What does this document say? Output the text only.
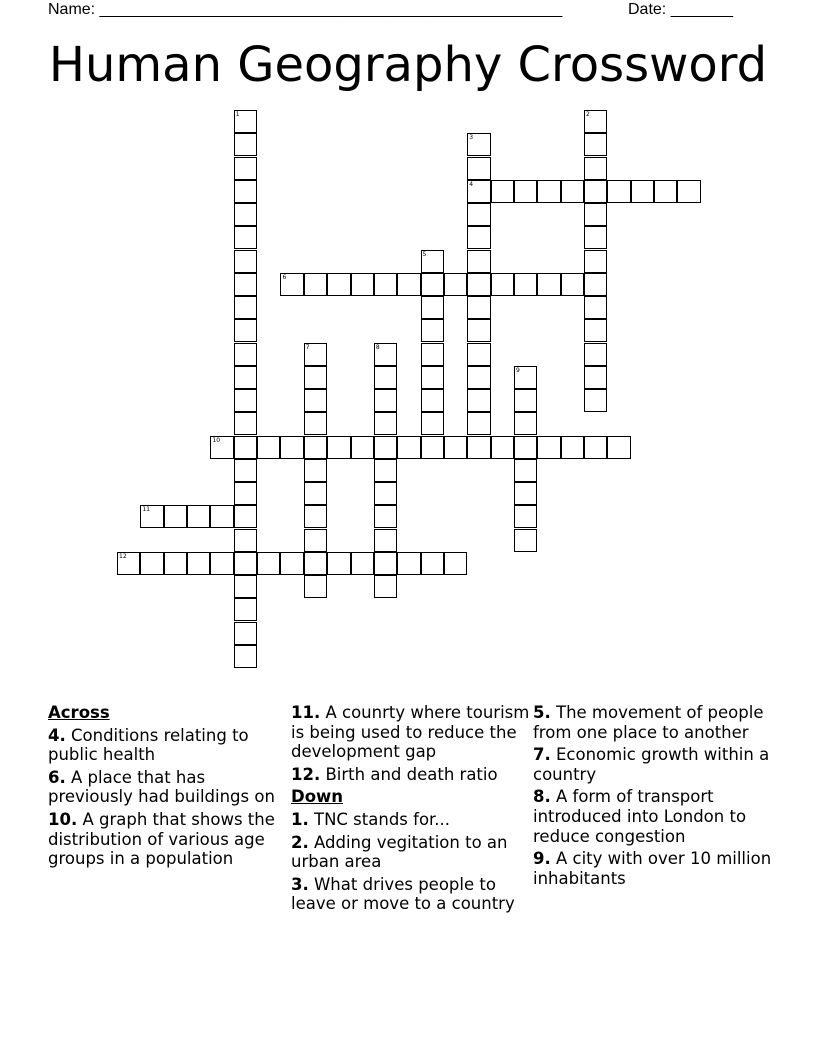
Name: ____________________________________________________	Date: _______
Human Geography Crossword
1	2
3
4
5
6
7	8
9
10
11
12
Across
4. Conditions relating to public health
6. A place that has previously had buildings on
10. A graph that shows the distribution of various age groups in a population
11. A counrty where tourism is being used to reduce the development gap
12. Birth and death ratio
Down
1. TNC stands for...
2. Adding vegitation to an urban area
3. What drives people to leave or move to a country
5. The movement of people from one place to another
7. Economic growth within a country
8. A form of transport introduced into London to reduce congestion
9. A city with over 10 million inhabitants
